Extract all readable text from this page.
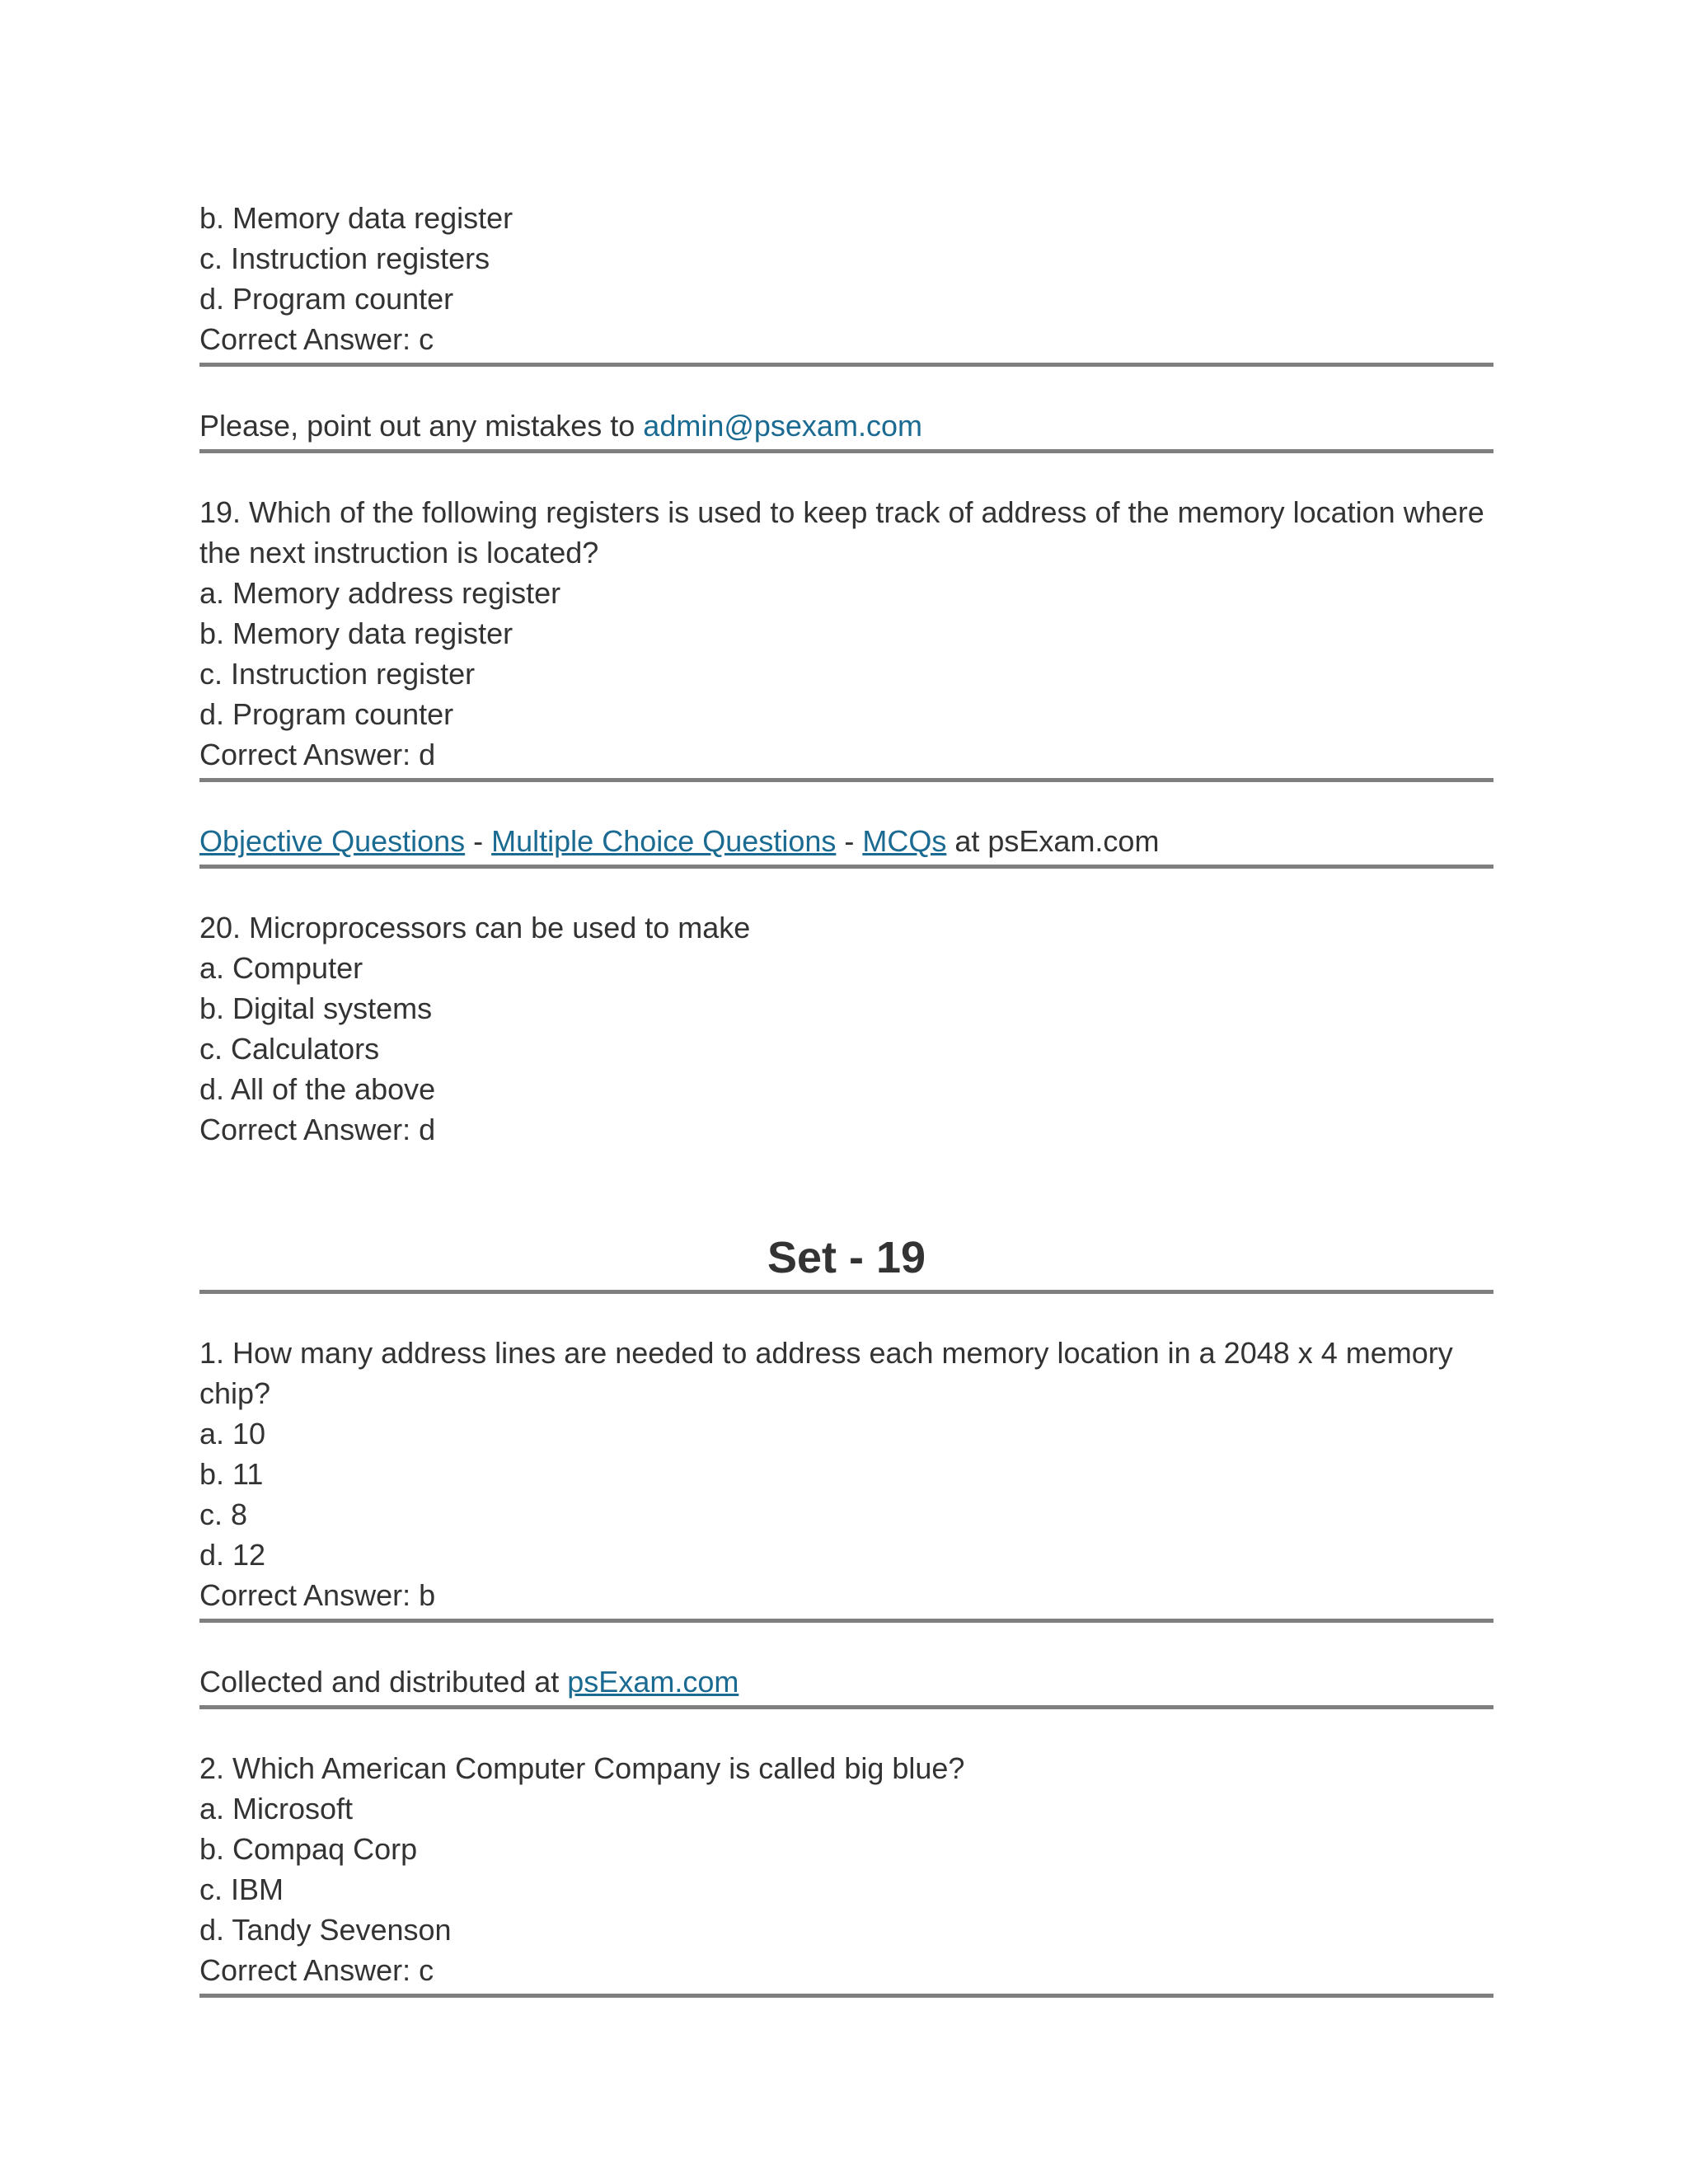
b. Memory data register
c. Instruction registers
d. Program counter
Correct Answer: c
Please, point out any mistakes to admin@psexam.com
19. Which of the following registers is used to keep track of address of the memory location where the next instruction is located?
a. Memory address register
b. Memory data register
c. Instruction register
d. Program counter
Correct Answer: d
Objective Questions - Multiple Choice Questions - MCQs at psExam.com
20. Microprocessors can be used to make
a. Computer
b. Digital systems
c. Calculators
d. All of the above
Correct Answer: d
Set - 19
1. How many address lines are needed to address each memory location in a 2048 x 4 memory chip?
a. 10
b. 11
c. 8
d. 12
Correct Answer: b
Collected and distributed at psExam.com
2. Which American Computer Company is called big blue?
a. Microsoft
b. Compaq Corp
c. IBM
d. Tandy Sevenson
Correct Answer: c
